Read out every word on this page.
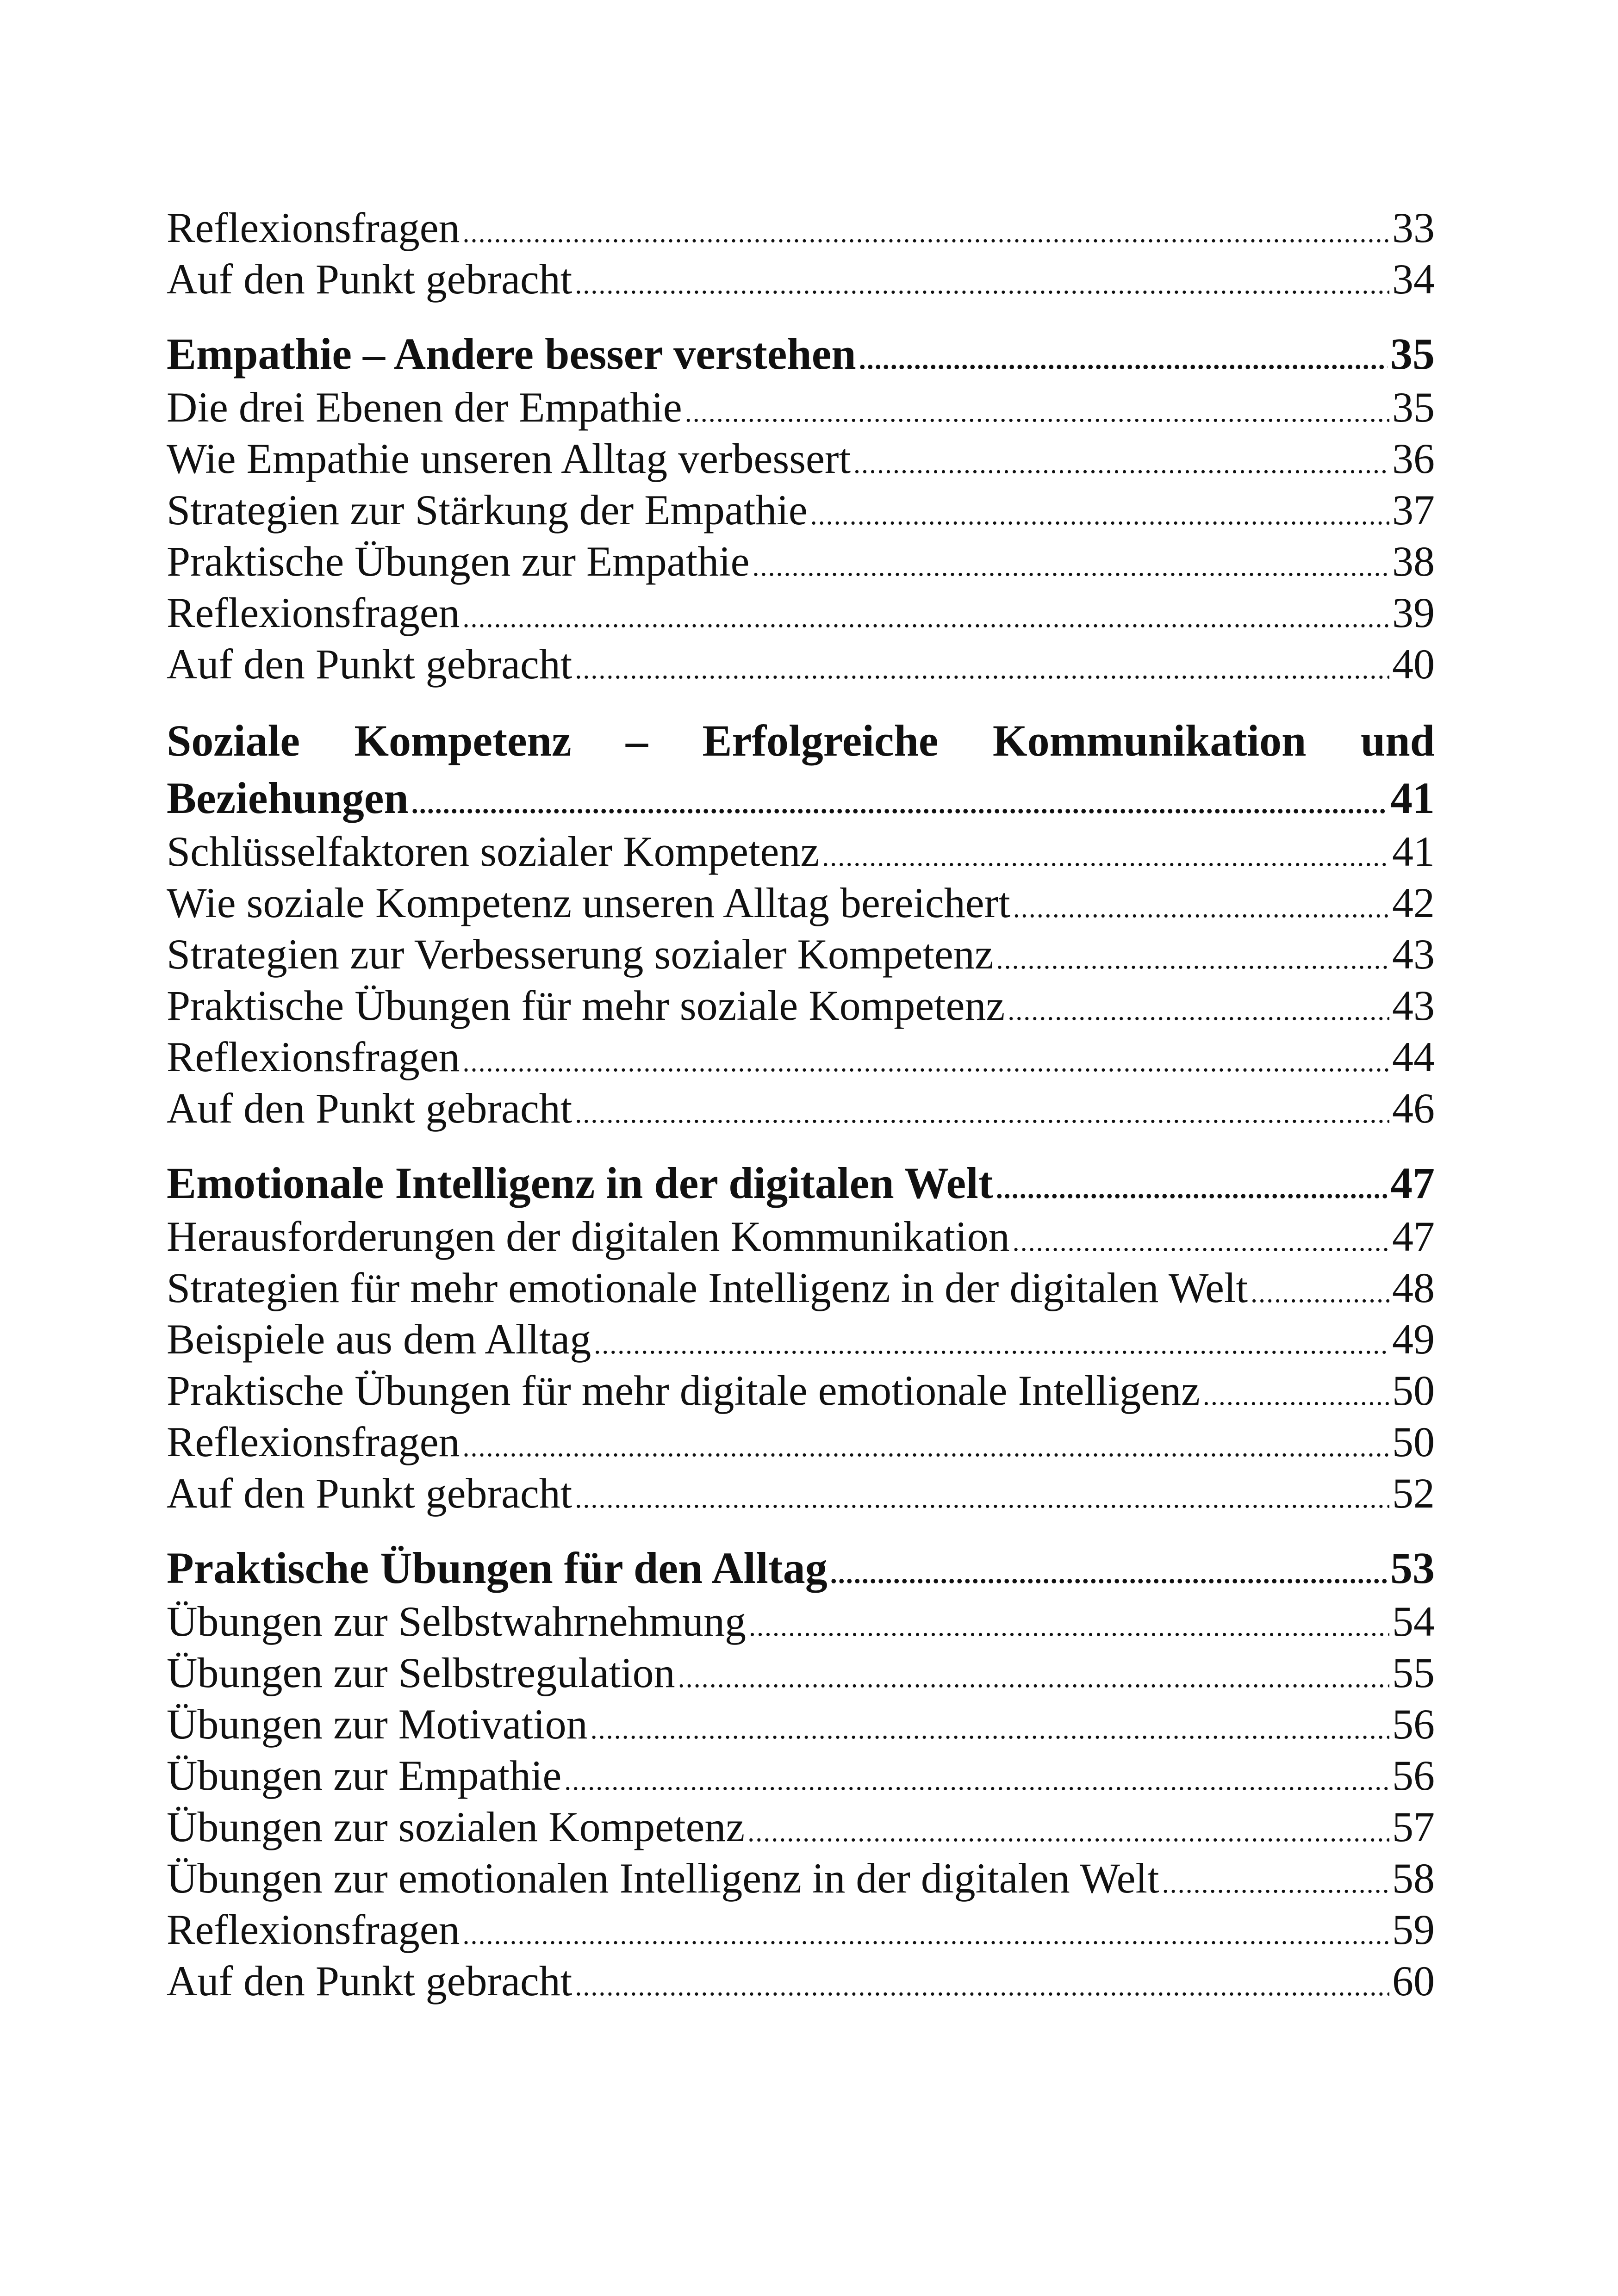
Reflexionsfragen .....	33
Auf den Punkt gebracht .....	34
Empathie – Andere besser verstehen .....	35
Die drei Ebenen der Empathie .....	35
Wie Empathie unseren Alltag verbessert .....	36
Strategien zur Stärkung der Empathie .....	37
Praktische Übungen zur Empathie .....	38
Reflexionsfragen .....	39
Auf den Punkt gebracht .....	40
Soziale Kompetenz – Erfolgreiche Kommunikation und
Beziehungen .....	41
Schlüsselfaktoren sozialer Kompetenz .....	41
Wie soziale Kompetenz unseren Alltag bereichert .....	42
Strategien zur Verbesserung sozialer Kompetenz .....	43
Praktische Übungen für mehr soziale Kompetenz .....	43
Reflexionsfragen .....	44
Auf den Punkt gebracht .....	46
Emotionale Intelligenz in der digitalen Welt .....	47
Herausforderungen der digitalen Kommunikation .....	47
Strategien für mehr emotionale Intelligenz in der digitalen Welt .....	48
Beispiele aus dem Alltag .....	49
Praktische Übungen für mehr digitale emotionale Intelligenz .....	50
Reflexionsfragen .....	50
Auf den Punkt gebracht .....	52
Praktische Übungen für den Alltag .....	53
Übungen zur Selbstwahrnehmung .....	54
Übungen zur Selbstregulation .....	55
Übungen zur Motivation .....	56
Übungen zur Empathie .....	56
Übungen zur sozialen Kompetenz .....	57
Übungen zur emotionalen Intelligenz in der digitalen Welt .....	58
Reflexionsfragen .....	59
Auf den Punkt gebracht .....	60
